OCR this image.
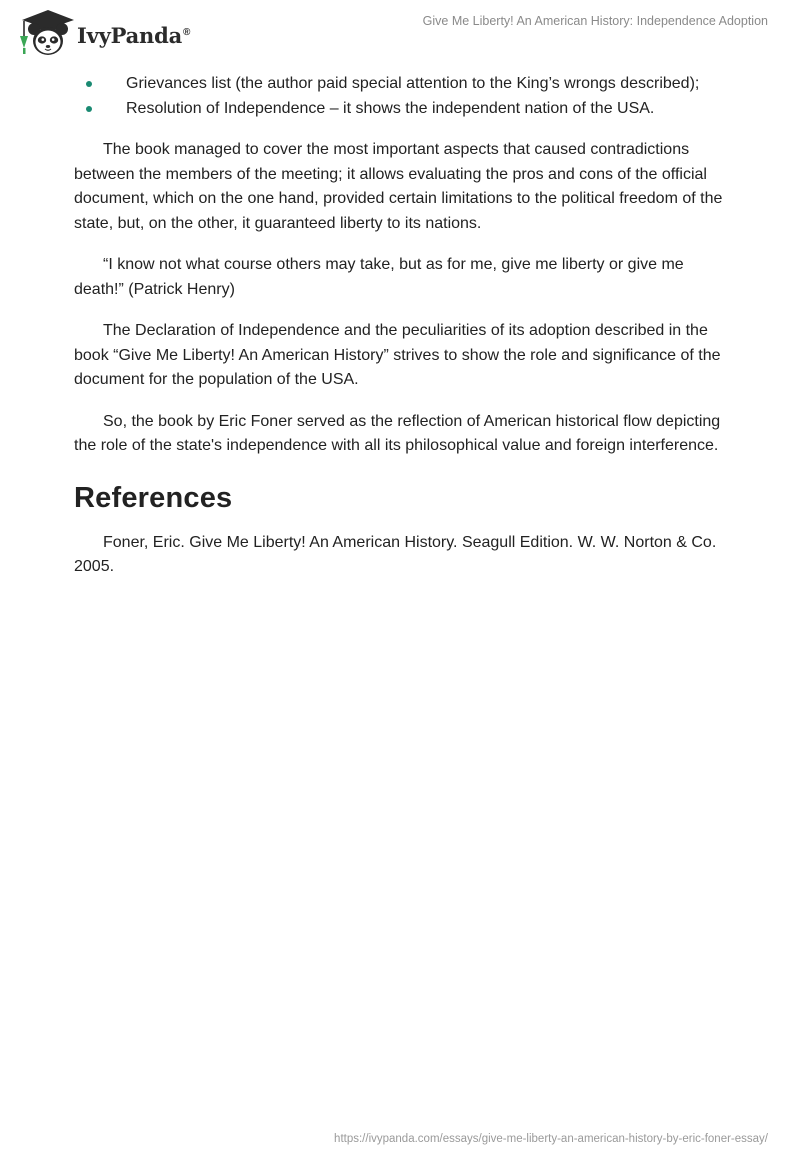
IvyPanda®
Give Me Liberty! An American History: Independence Adoption
Grievances list (the author paid special attention to the King’s wrongs described);
Resolution of Independence – it shows the independent nation of the USA.

The book managed to cover the most important aspects that caused contradictions between the members of the meeting; it allows evaluating the pros and cons of the official document, which on the one hand, provided certain limitations to the political freedom of the state, but, on the other, it guaranteed liberty to its nations.

“I know not what course others may take, but as for me, give me liberty or give me death!” (Patrick Henry)

The Declaration of Independence and the peculiarities of its adoption described in the book “Give Me Liberty! An American History” strives to show the role and significance of the document for the population of the USA.

So, the book by Eric Foner served as the reflection of American historical flow depicting the role of the state's independence with all its philosophical value and foreign interference.

References

Foner, Eric. Give Me Liberty! An American History. Seagull Edition. W. W. Norton & Co. 2005.

https://ivypanda.com/essays/give-me-liberty-an-american-history-by-eric-foner-essay/
